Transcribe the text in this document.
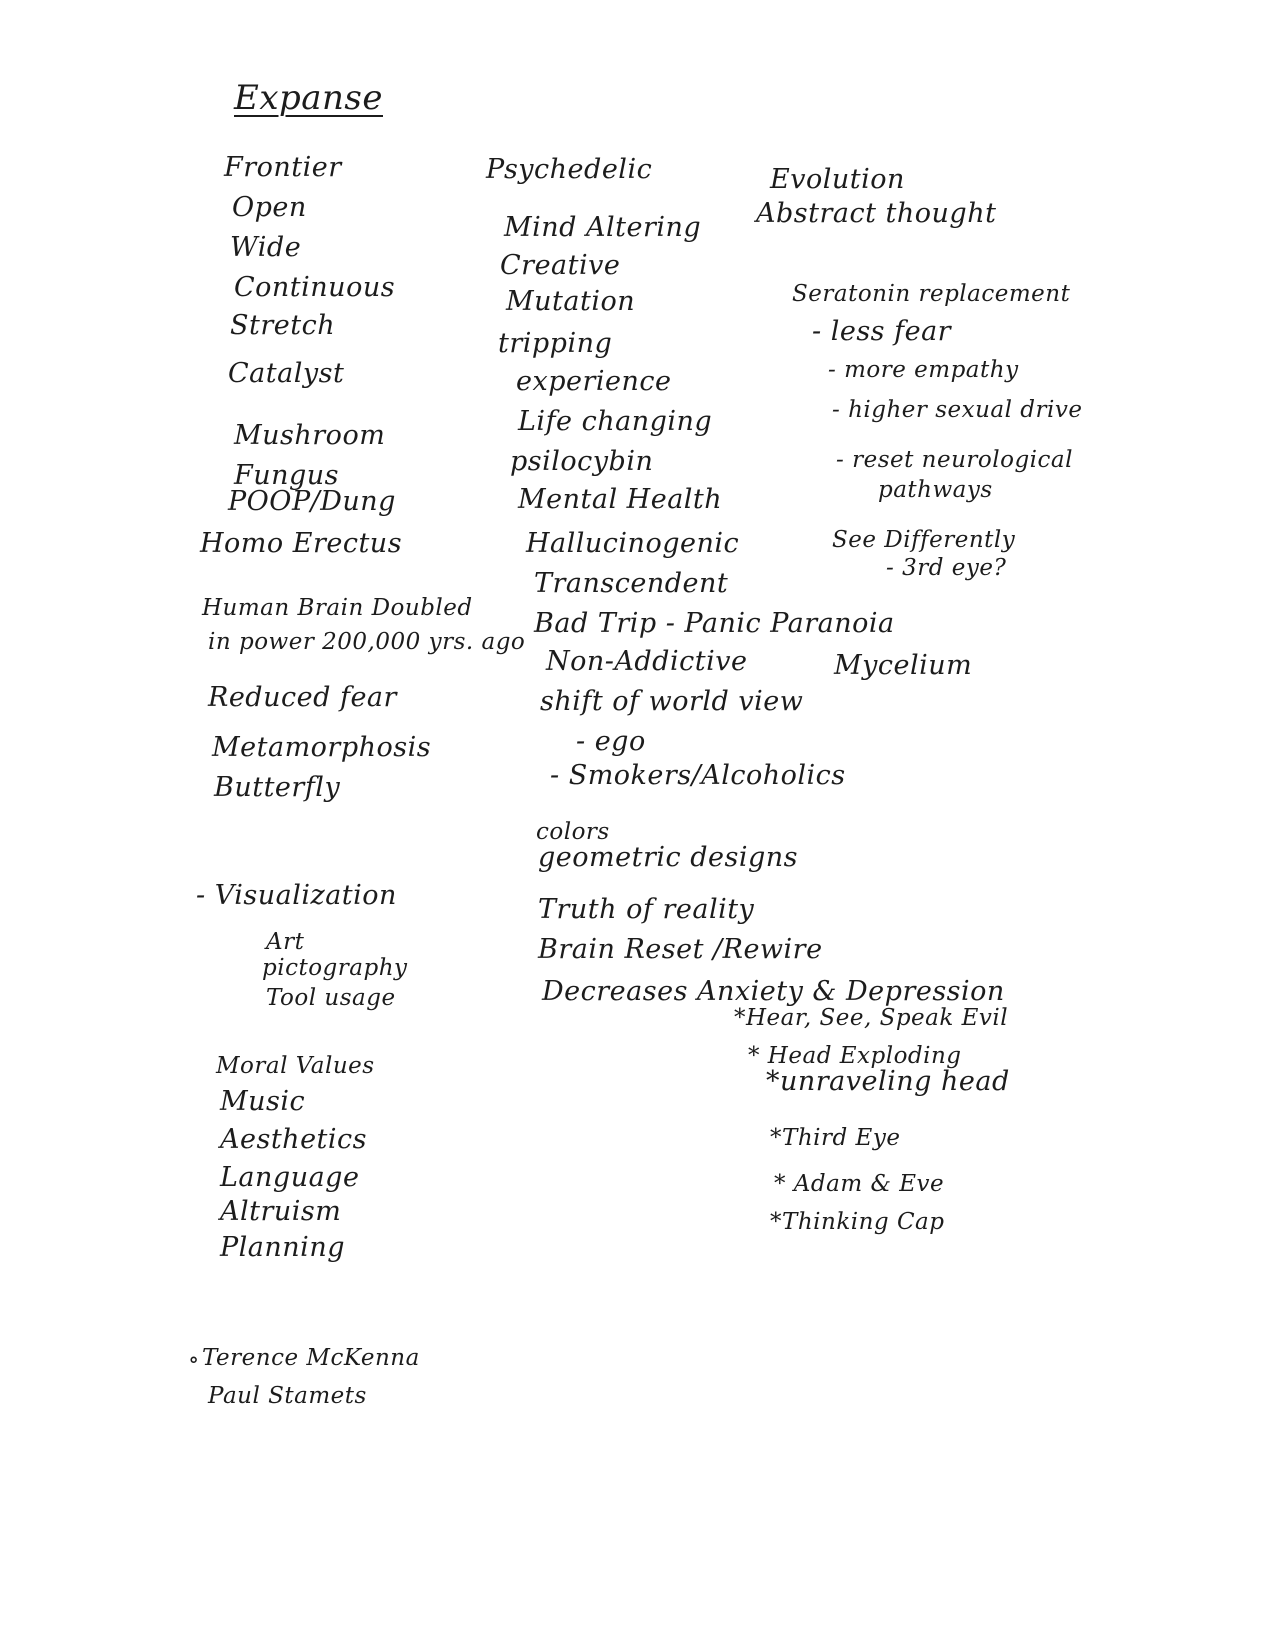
Expanse
Frontier
Open
Wide
Continuous
Stretch
Catalyst
Mushroom
Fungus
POOP/Dung
Homo Erectus
Human Brain Doubled
in power 200,000 yrs. ago
Reduced fear
Metamorphosis
Butterfly
- Visualization
Art
pictography
Tool usage
Moral Values
Music
Aesthetics
Language
Altruism
Planning
∘ Terence McKenna
Paul Stamets
Psychedelic
Mind Altering
Creative
Mutation
tripping
experience
Life changing
psilocybin
Mental Health
Hallucinogenic
Transcendent
Bad Trip - Panic Paranoia
Non-Addictive
shift of world view
- ego
- Smokers/Alcoholics
colors
geometric designs
Truth of reality
Brain Reset /Rewire
Decreases Anxiety & Depression
Evolution
Abstract thought
Seratonin replacement
- less fear
- more empathy
- higher sexual drive
- reset neurological
pathways
See Differently
- 3rd eye?
Mycelium
*Hear, See, Speak Evil
* Head Exploding
*unraveling head
*Third Eye
* Adam & Eve
*Thinking Cap
